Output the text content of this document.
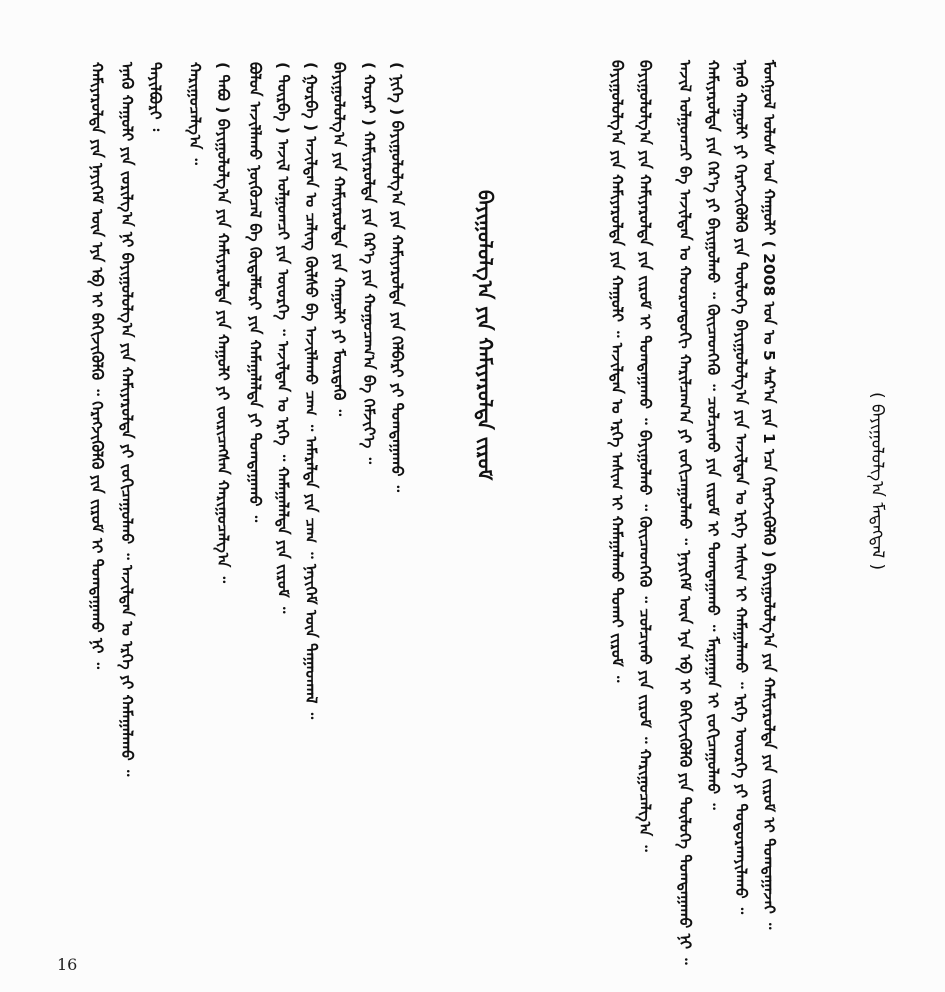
( ᠪᠠᠶᠢᠭᠤᠯᠤᠯᠭ᠎ᠠ ᠮᠡᠳᠡᠭᠳᠡᠯ )
ᠮᠣᠩᠭᠣᠯ ᠤᠯᠤᠰ ᠤᠨ ᠬᠠᠭᠤᠯᠢ ( 2008 ᠣᠨ ᠤ 5 ᠰᠠᠷ᠎ᠠ ᠶᠢᠨ 1 ᠡᠴᠡ ᠬᠡᠷᠡᠭᠵᠢᠭᠦᠯᠬᠦ ) ᠪᠠᠶᠢᠭᠤᠯᠤᠯᠭ᠎ᠠ ᠶᠢᠨ ᠬᠠᠮᠢᠶᠠᠷᠤᠯᠲᠠ ᠶᠢᠨ ᠵᠢᠷᠤᠮ ᠢ ᠲᠣᠭᠲᠠᠭᠠᠵᠠᠢ ᠃
ᠡᠨᠡᠬᠦ ᠬᠠᠭᠤᠯᠢ ᠶᠢ ᠬᠡᠷᠡᠭᠵᠢᠭᠦᠯᠬᠦ ᠶᠢᠨ ᠲᠥᠯᠦᠭᠡ ᠪᠠᠶᠢᠭᠤᠯᠤᠯᠭ᠎ᠠ ᠶᠢᠨ ᠠᠵᠢᠯᠲᠠᠨ ᠤ ᠡᠷᠬᠡ ᠠᠰᠢᠭ ᠢ ᠬᠠᠮᠠᠭᠠᠯᠠᠬᠤ ᠃ ᠡᠷᠬᠡ ᠦᠦᠷᠭᠡ ᠶᠢ ᠲᠣᠳᠣᠷᠬᠠᠶᠢᠯᠠᠬᠤ ᠃
ᠬᠠᠮᠢᠶᠠᠷᠤᠯᠲᠠ ᠶᠢᠨ ᠭᠡᠷ᠎ᠡ ᠶᠢ ᠪᠠᠶᠢᠭᠤᠯᠬᠤ ᠃ ᠭᠦᠢᠴᠡᠳᠬᠡᠬᠦ ᠃ ᠴᠤᠯᠴᠢᠬᠤ ᠶᠢᠨ ᠵᠢᠷᠤᠮ ᠢ ᠲᠣᠭᠲᠠᠭᠠᠬᠤ ᠃ ᠮᠠᠷᠭᠠᠭᠠᠨ ᠢ ᠵᠣᠬᠢᠴᠠᠭᠤᠯᠬᠤ ᠃
ᠠᠵᠢᠯ ᠣᠯᠭᠣᠭᠴᠢ ᠪᠠ ᠠᠵᠢᠯᠲᠠᠨ ᠤ ᠬᠣᠣᠷᠣᠨᠳᠣᠬᠢ ᠬᠠᠷᠢᠯᠴᠠᠭ᠎ᠠ ᠶᠢ ᠵᠣᠬᠢᠴᠠᠭᠤᠯᠬᠤ ᠃ ᠨᠡᠶᠢᠭᠡᠮ ᠦᠨ ᠡᠶᠡ ᠡᠪ ᠢ ᠪᠡᠬᠢᠵᠢᠭᠦᠯᠬᠦ ᠶᠢᠨ ᠲᠥᠯᠦᠭᠡ ᠲᠣᠭᠲᠠᠭᠠᠬᠤ ᠨᠢ ᠃
ᠪᠠᠶᠢᠭᠤᠯᠤᠯᠭ᠎ᠠ ᠶᠢᠨ ᠬᠠᠮᠢᠶᠠᠷᠤᠯᠲᠠ ᠶᠢᠨ ᠵᠢᠷᠤᠮ ᠢ ᠲᠣᠭᠲᠠᠭᠠᠬᠤ ᠃ ᠪᠠᠶᠢᠭᠤᠯᠬᠤ ᠃ ᠭᠦᠢᠴᠡᠳᠬᠡᠬᠦ ᠃ ᠴᠤᠯᠴᠢᠬᠤ ᠶᠢᠨ ᠵᠢᠷᠤᠮ ᠃ ᠬᠠᠷᠢᠭᠤᠴᠠᠯᠭ᠎ᠠ ᠃
ᠪᠠᠶᠢᠭᠤᠯᠤᠯᠭ᠎ᠠ ᠶᠢᠨ ᠬᠠᠮᠢᠶᠠᠷᠤᠯᠲᠠ ᠶᠢᠨ ᠬᠠᠭᠤᠯᠢ ᠃ ᠠᠵᠢᠯᠲᠠᠨ ᠤ ᠡᠷᠬᠡ ᠠᠰᠢᠭ ᠢ ᠬᠠᠮᠠᠭᠠᠯᠠᠬᠤ ᠲᠤᠬᠠᠢ ᠵᠢᠷᠤᠮ ᠃
ᠪᠠᠶᠢᠭᠤᠯᠤᠯᠭ᠎ᠠ ᠶᠢᠨ ᠬᠠᠮᠢᠶᠠᠷᠤᠯᠲᠠ ᠵᠢᠷᠤᠮ
( ᠨᠢᠭᠡ ) ᠪᠠᠶᠢᠭᠤᠯᠤᠯᠭ᠎ᠠ ᠶᠢᠨ ᠬᠠᠮᠢᠶᠠᠷᠤᠯᠲᠠ ᠶᠢᠨ ᠬᠡᠯᠪᠡᠷᠢ ᠶᠢ ᠲᠣᠭᠲᠠᠭᠠᠬᠤ ᠃
( ᠬᠣᠶᠠᠷ ) ᠬᠠᠮᠢᠶᠠᠷᠤᠯᠲᠠ ᠶᠢᠨ ᠭᠡᠷ᠎ᠡ ᠶᠢᠨ ᠬᠤᠭᠤᠴᠠᠭ᠎ᠠ ᠪᠠ ᠬᠡᠮᠵᠢᠶ᠎ᠡ ᠃
ᠪᠠᠶᠢᠭᠤᠯᠤᠯᠭ᠎ᠠ ᠶᠢᠨ ᠬᠠᠮᠢᠶᠠᠷᠤᠯᠲᠠ ᠶᠢᠨ ᠬᠠᠭᠤᠯᠢ ᠶᠢ ᠮᠥᠷᠳᠡᠬᠦ ᠃
( ᠭᠤᠷᠪᠠ ) ᠠᠵᠢᠯᠲᠠᠨ ᠤ ᠴᠠᠯᠢᠩ ᠬᠥᠯᠰᠦ ᠪᠠ ᠠᠵᠢᠯᠯᠠᠬᠤ ᠴᠠᠭ ᠃ ᠠᠮᠠᠷᠠᠯᠲᠠ ᠶᠢᠨ ᠴᠠᠭ ᠃ ᠨᠡᠶᠢᠭᠡᠮ ᠦᠨ ᠳᠠᠭᠠᠳᠭᠠᠯ ᠃
( ᠳᠥᠷᠪᠡ ) ᠠᠵᠢᠯ ᠣᠯᠭᠣᠭᠴᠢ ᠶᠢᠨ ᠦᠦᠷᠭᠡ ᠃ ᠠᠵᠢᠯᠲᠠᠨ ᠤ ᠡᠷᠬᠡ ᠃ ᠬᠠᠮᠠᠭᠠᠯᠠᠯᠲᠠ ᠶᠢᠨ ᠵᠢᠷᠤᠮ ᠃
ᠪᠣᠯᠤᠨ ᠠᠵᠢᠯᠯᠠᠬᠤ ᠨᠥᠬᠦᠴᠡᠯ ᠪᠠ ᠬᠥᠳᠡᠯᠮᠦᠷᠢ ᠶᠢᠨ ᠬᠠᠮᠠᠭᠠᠯᠠᠯᠲᠠ ᠶᠢ ᠲᠣᠭᠲᠠᠭᠠᠬᠤ ᠃
( ᠲᠠᠪᠤ ) ᠪᠠᠶᠢᠭᠤᠯᠤᠯᠭ᠎ᠠ ᠶᠢᠨ ᠬᠠᠮᠢᠶᠠᠷᠤᠯᠲᠠ ᠶᠢᠨ ᠬᠠᠭᠤᠯᠢ ᠶᠢ ᠵᠥᠷᠢᠴᠡᠭᠰᠡᠨ ᠬᠠᠷᠢᠭᠤᠴᠠᠯᠭ᠎ᠠ ᠃
ᠬᠠᠷᠢᠭᠤᠴᠠᠯᠭ᠎ᠠ ᠃
ᠲᠠᠶᠢᠯᠪᠤᠷᠢ ᠄
ᠡᠨᠡᠬᠦ ᠬᠠᠭᠤᠯᠢ ᠶᠢᠨ ᠵᠣᠷᠢᠯᠭ᠎ᠠ ᠨᠢ ᠪᠠᠶᠢᠭᠤᠯᠤᠯᠭ᠎ᠠ ᠶᠢᠨ ᠬᠠᠮᠢᠶᠠᠷᠤᠯᠲᠠ ᠶᠢ ᠵᠣᠬᠢᠴᠠᠭᠤᠯᠬᠤ ᠃ ᠠᠵᠢᠯᠲᠠᠨ ᠤ ᠡᠷᠬᠡ ᠶᠢ ᠬᠠᠮᠠᠭᠠᠯᠠᠬᠤ ᠃
ᠬᠠᠮᠢᠶᠠᠷᠤᠯᠲᠠ ᠶᠢᠨ ᠨᠡᠶᠢᠭᠡᠮ ᠦᠨ ᠡᠶᠡ ᠡᠪ ᠢ ᠪᠡᠬᠢᠵᠢᠭᠦᠯᠬᠦ ᠃ ᠬᠡᠷᠡᠭᠵᠢᠭᠦᠯᠬᠦ ᠶᠢᠨ ᠵᠢᠷᠤᠮ ᠢ ᠲᠣᠭᠲᠠᠭᠠᠬᠤ ᠨᠢ ᠃
16
